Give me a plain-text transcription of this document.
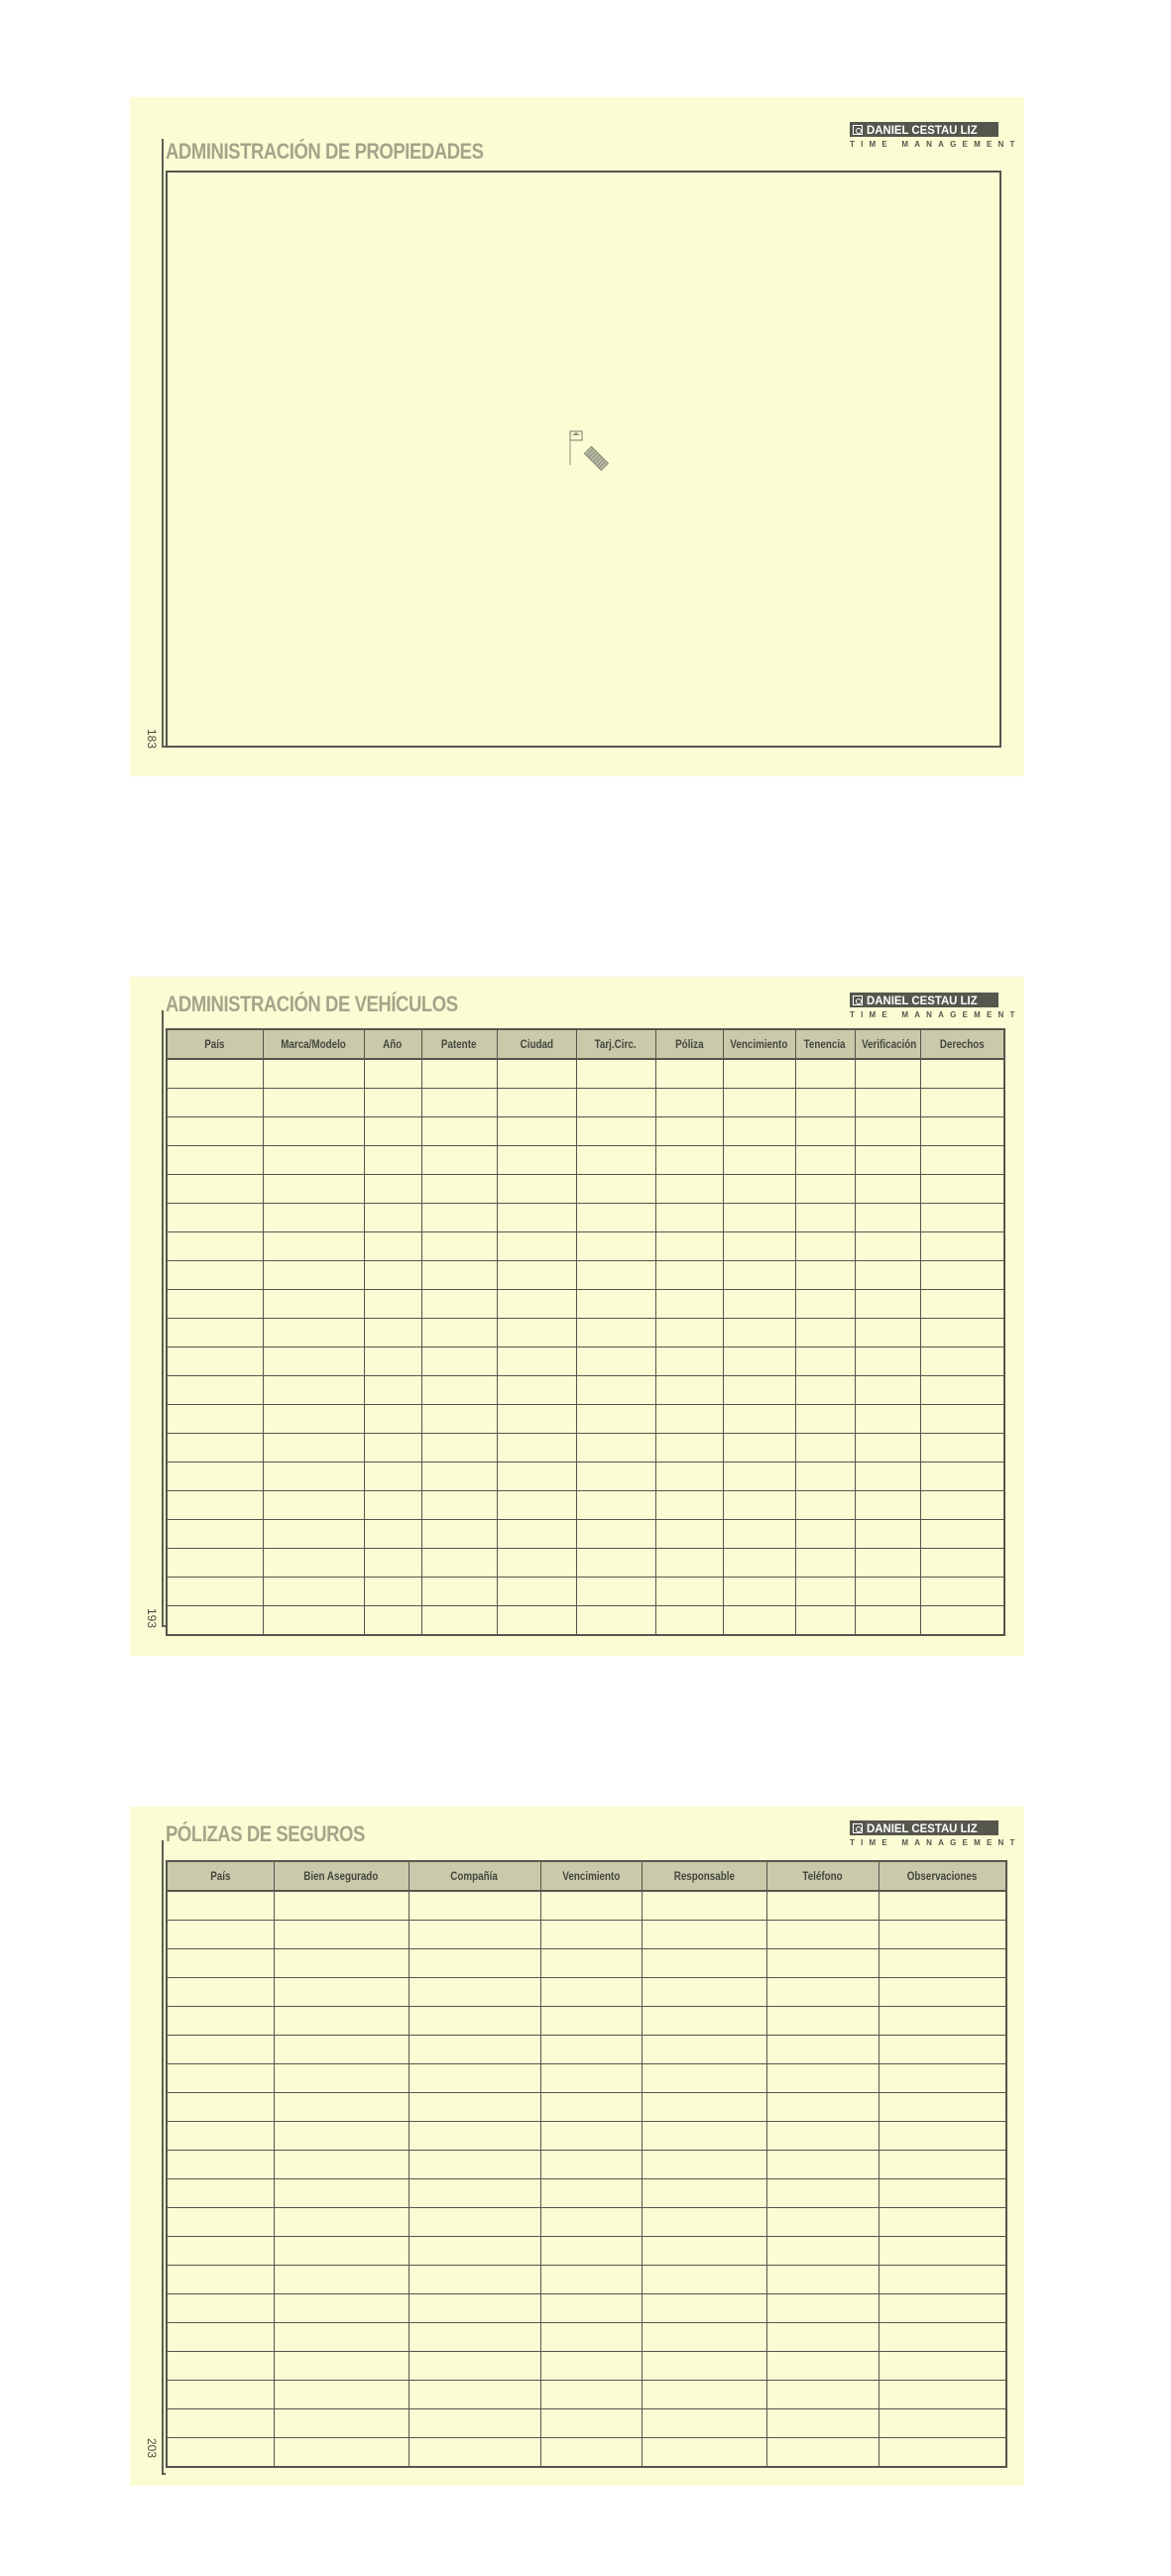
ADMINISTRACIÓN DE PROPIEDADES
DANIEL CESTAU LIZ
TIME MANAGEMENT
183
ADMINISTRACIÓN DE VEHÍCULOS	DANIEL CESTAU LIZ
TIME MANAGEMENT
País	Marca/Modelo	Año	Patente	Ciudad	Tarj.Circ.	Póliza	Vencimiento	Tenencia	Verificación	Derechos

193
PÓLIZAS DE SEGUROS	DANIEL CESTAU LIZ
TIME MANAGEMENT
País	Bien Asegurado	Compañía	Vencimiento	Responsable	Teléfono	Observaciones

203
